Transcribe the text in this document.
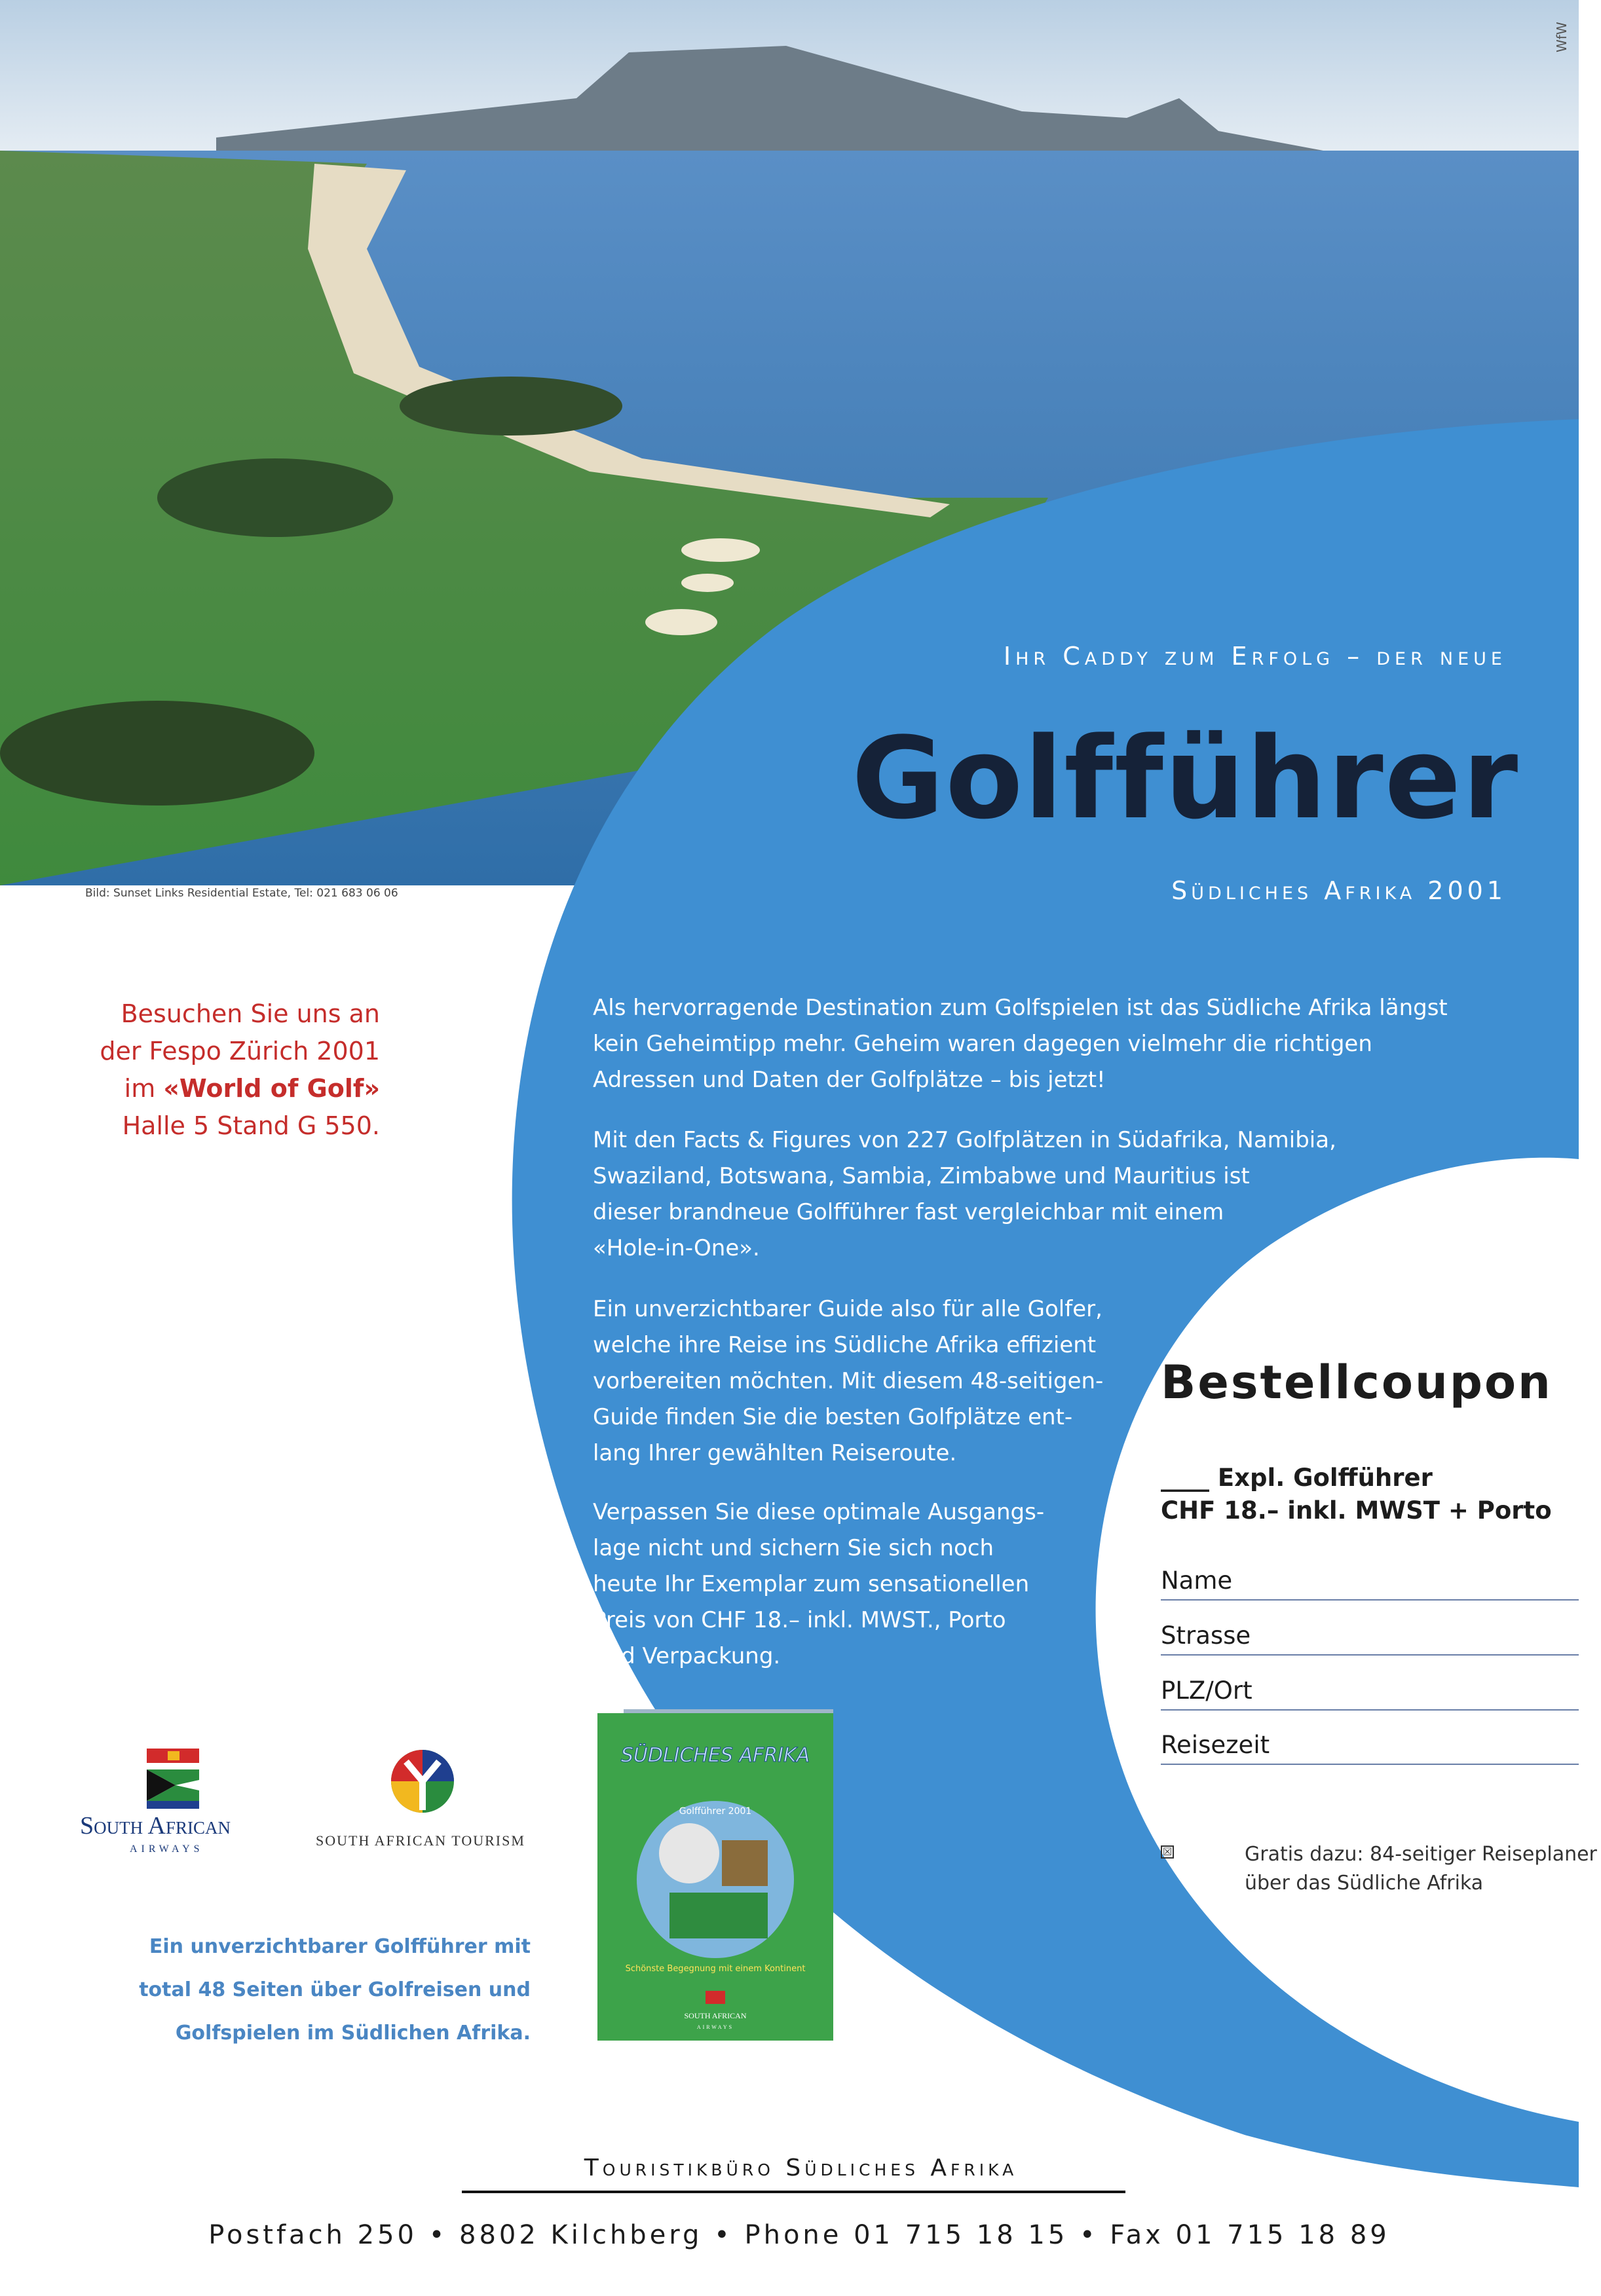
Bild: Sunset Links Residential Estate, Tel: 021 683 06 06
WfW
Ihr Caddy zum Erfolg – der neue
Golfführer
Südliches Afrika 2001
Besuchen Sie uns an
der Fespo Zürich 2001
im «World of Golf»
Halle 5 Stand G 550.
Als hervorragende Destination zum Golfspielen ist das Südliche Afrika längst
kein Geheimtipp mehr. Geheim waren dagegen vielmehr die richtigen
Adressen und Daten der Golfplätze – bis jetzt!
Mit den Facts & Figures von 227 Golfplätzen in Südafrika, Namibia,
Swaziland, Botswana, Sambia, Zimbabwe und Mauritius ist
dieser brandneue Golfführer fast vergleichbar mit einem
«Hole-in-One».
Ein unverzichtbarer Guide also für alle Golfer,
welche ihre Reise ins Südliche Afrika effizient
vorbereiten möchten. Mit diesem 48-seitigen-
Guide finden Sie die besten Golfplätze ent-
lang Ihrer gewählten Reiseroute.
Verpassen Sie diese optimale Ausgangs-
lage nicht und sichern Sie sich noch
heute Ihr Exemplar zum sensationellen
Preis von CHF 18.– inkl. MWST., Porto
und Verpackung.
Bestellcoupon
____ Expl. Golfführer
CHF 18.– inkl. MWST + Porto
Name
Strasse
PLZ/Ort
Reisezeit
☒	Gratis dazu: 84-seitiger Reiseplaner
über das Südliche Afrika
South African
AIRWAYS
SOUTH AFRICAN TOURISM
Ein unverzichtbarer Golfführer mit
total 48 Seiten über Golfreisen und
Golfspielen im Südlichen Afrika.
SÜDLICHES AFRIKA
Golfführer 2001
Schönste Begegnung mit einem Kontinent
SOUTH AFRICAN
AIRWAYS
Touristikbüro Südliches Afrika
Postfach 250 • 8802 Kilchberg • Phone 01 715 18 15 • Fax 01 715 18 89
